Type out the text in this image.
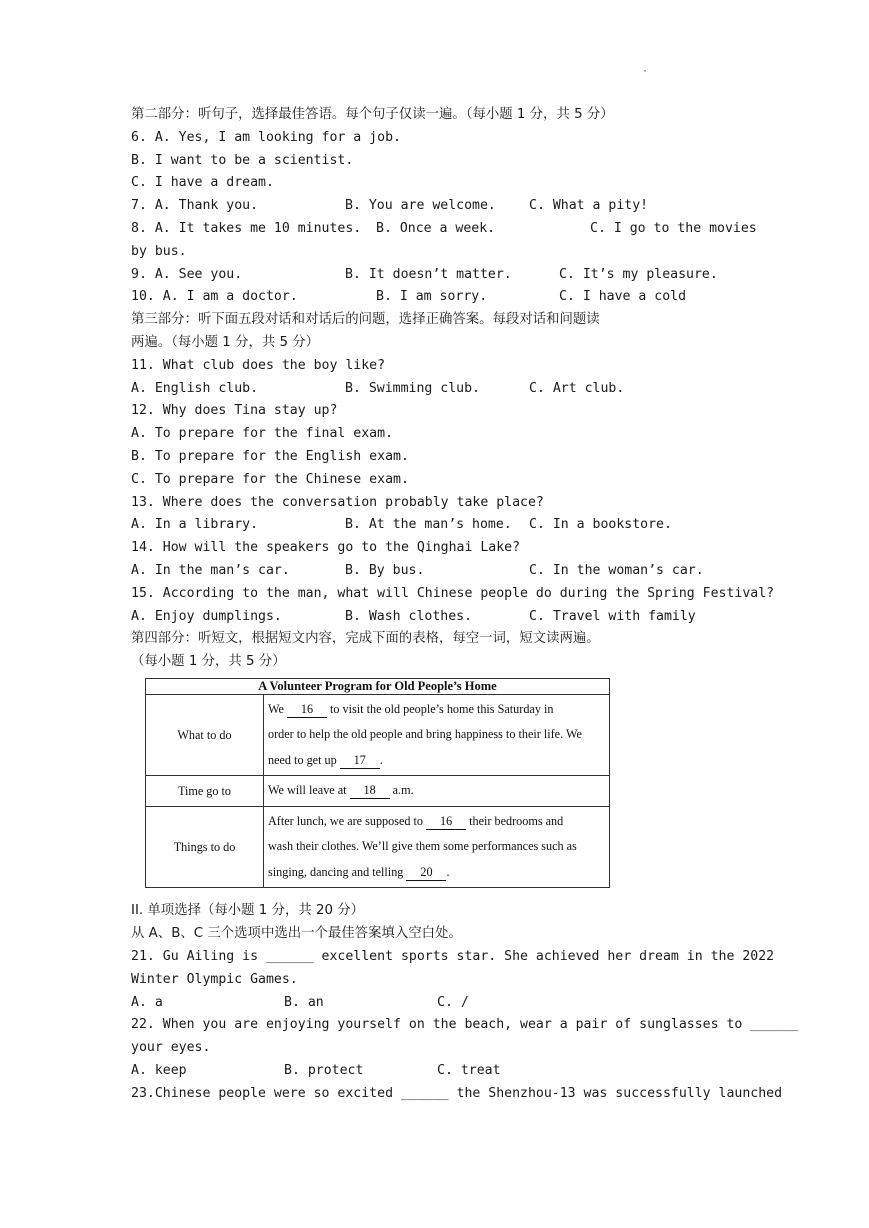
·
第二部分：听句子，选择最佳答语。每个句子仅读一遍。（每小题 1 分，共 5 分）
6. A. Yes, I am looking for a job.
B. I want to be a scientist.
C. I have a dream.

7. A. Thank you.

	B. You are welcome.

	C. What a pity!

8. A. It takes me 10 minutes.

B. Once a week.

	C. I go to the movies

by bus.

9. A. See you.

	B. It doesn’t matter.

	C. It’s my pleasure.

10. A. I am a doctor.

	B. I am sorry.

	C. I have a cold

第三部分：听下面五段对话和对话后的问题，选择正确答案。每段对话和问题读
两遍。（每小题 1 分，共 5 分）
11. What club does the boy like?

A. English club.

	B. Swimming club.

	C. Art club.

12. Why does Tina stay up?
A. To prepare for the final exam.
B. To prepare for the English exam.
C. To prepare for the Chinese exam.
13. Where does the conversation probably take place?

A. In a library.

	B. At the man’s home.

C. In a bookstore.

14. How will the speakers go to the Qinghai Lake?

A. In the man’s car.

	B. By bus.

	C. In the woman’s car.

15. According to the man, what will Chinese people do during the Spring Festival?

A. Enjoy dumplings.

	B. Wash clothes.

	C. Travel with family

第四部分：听短文，根据短文内容，完成下面的表格，每空一词，短文读两遍。
（每小题 1 分，共 5 分）
A Volunteer Program for Old People’s Home	
What to do	We 16 to visit the old people’s home this Saturday in
order to help the old people and bring happiness to their life. We
need to get up 17 .
Time go to	We will leave at 18 a.m.
Things to do	After lunch, we are supposed to 16 their bedrooms and
wash their clothes. We’ll give them some performances such as
singing, dancing and telling 20 .
II. 单项选择（每小题 1 分，共 20 分）
从 A、B、C 三个选项中选出一个最佳答案填入空白处。
21. Gu Ailing is ______ excellent sports star. She achieved her dream in the 2022
Winter Olympic Games.

A. a

	B. an

	C. /

22. When you are enjoying yourself on the beach, wear a pair of sunglasses to ______
your eyes.

A. keep

	B. protect

	C. treat

23.Chinese people were so excited ______ the Shenzhou-13 was successfully launched
